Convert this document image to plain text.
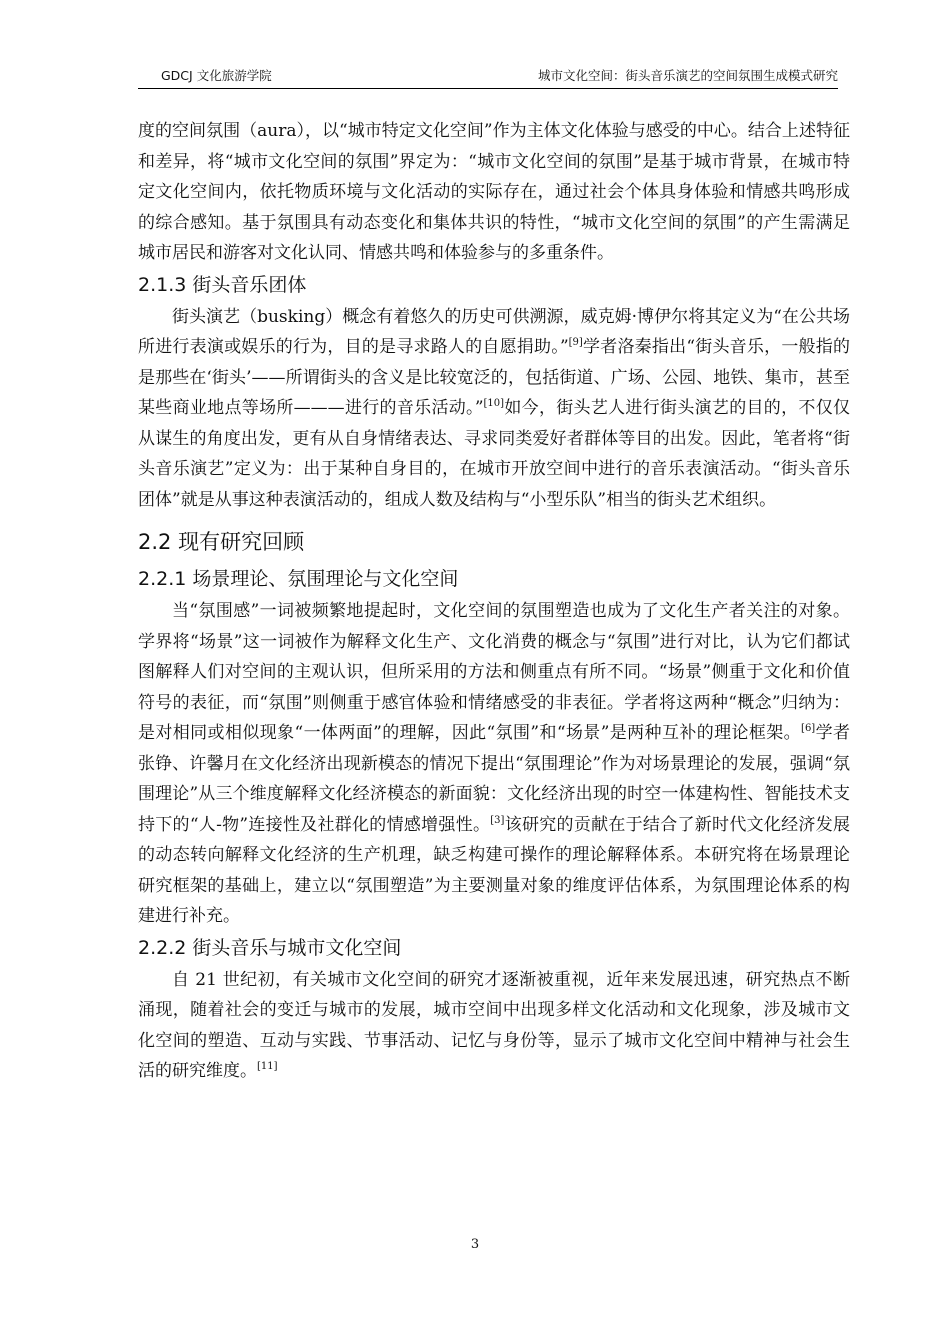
GDCJ 文化旅游学院	城市文化空间：街头音乐演艺的空间氛围生成模式研究

度的空间氛围（aura），以“城市特定文化空间”作为主体文化体验与感受的中心。结合上述特征和差异，将“城市文化空间的氛围”界定为：“城市文化空间的氛围”是基于城市背景，在城市特定文化空间内，依托物质环境与文化活动的实际存在，通过社会个体具身体验和情感共鸣形成的综合感知。基于氛围具有动态变化和集体共识的特性，“城市文化空间的氛围”的产生需满足城市居民和游客对文化认同、情感共鸣和体验参与的多重条件。

2.1.3 街头音乐团体

街头演艺（busking）概念有着悠久的历史可供溯源，威克姆·博伊尔将其定义为“在公共场所进行表演或娱乐的行为，目的是寻求路人的自愿捐助。”[9]学者洛秦指出“街头音乐，一般指的是那些在‘街头’——所谓街头的含义是比较宽泛的，包括街道、广场、公园、地铁、集市，甚至某些商业地点等场所———进行的音乐活动。”[10]如今，街头艺人进行街头演艺的目的，不仅仅从谋生的角度出发，更有从自身情绪表达、寻求同类爱好者群体等目的出发。因此，笔者将“街头音乐演艺”定义为：出于某种自身目的，在城市开放空间中进行的音乐表演活动。“街头音乐团体”就是从事这种表演活动的，组成人数及结构与“小型乐队”相当的街头艺术组织。

2.2 现有研究回顾
2.2.1 场景理论、氛围理论与文化空间

当“氛围感”一词被频繁地提起时，文化空间的氛围塑造也成为了文化生产者关注的对象。学界将“场景”这一词被作为解释文化生产、文化消费的概念与“氛围”进行对比，认为它们都试图解释人们对空间的主观认识，但所采用的方法和侧重点有所不同。“场景”侧重于文化和价值符号的表征，而“氛围”则侧重于感官体验和情绪感受的非表征。学者将这两种“概念”归纳为：是对相同或相似现象“一体两面”的理解，因此“氛围”和“场景”是两种互补的理论框架。[6]学者张铮、许馨月在文化经济出现新模态的情况下提出“氛围理论”作为对场景理论的发展，强调“氛围理论”从三个维度解释文化经济模态的新面貌：文化经济出现的时空一体建构性、智能技术支持下的“人-物”连接性及社群化的情感增强性。[3]该研究的贡献在于结合了新时代文化经济发展的动态转向解释文化经济的生产机理，缺乏构建可操作的理论解释体系。本研究将在场景理论研究框架的基础上，建立以“氛围塑造”为主要测量对象的维度评估体系，为氛围理论体系的构建进行补充。

2.2.2 街头音乐与城市文化空间

自 21 世纪初，有关城市文化空间的研究才逐渐被重视，近年来发展迅速，研究热点不断涌现，随着社会的变迁与城市的发展，城市空间中出现多样文化活动和文化现象，涉及城市文化空间的塑造、互动与实践、节事活动、记忆与身份等，显示了城市文化空间中精神与社会生活的研究维度。[11]

3
